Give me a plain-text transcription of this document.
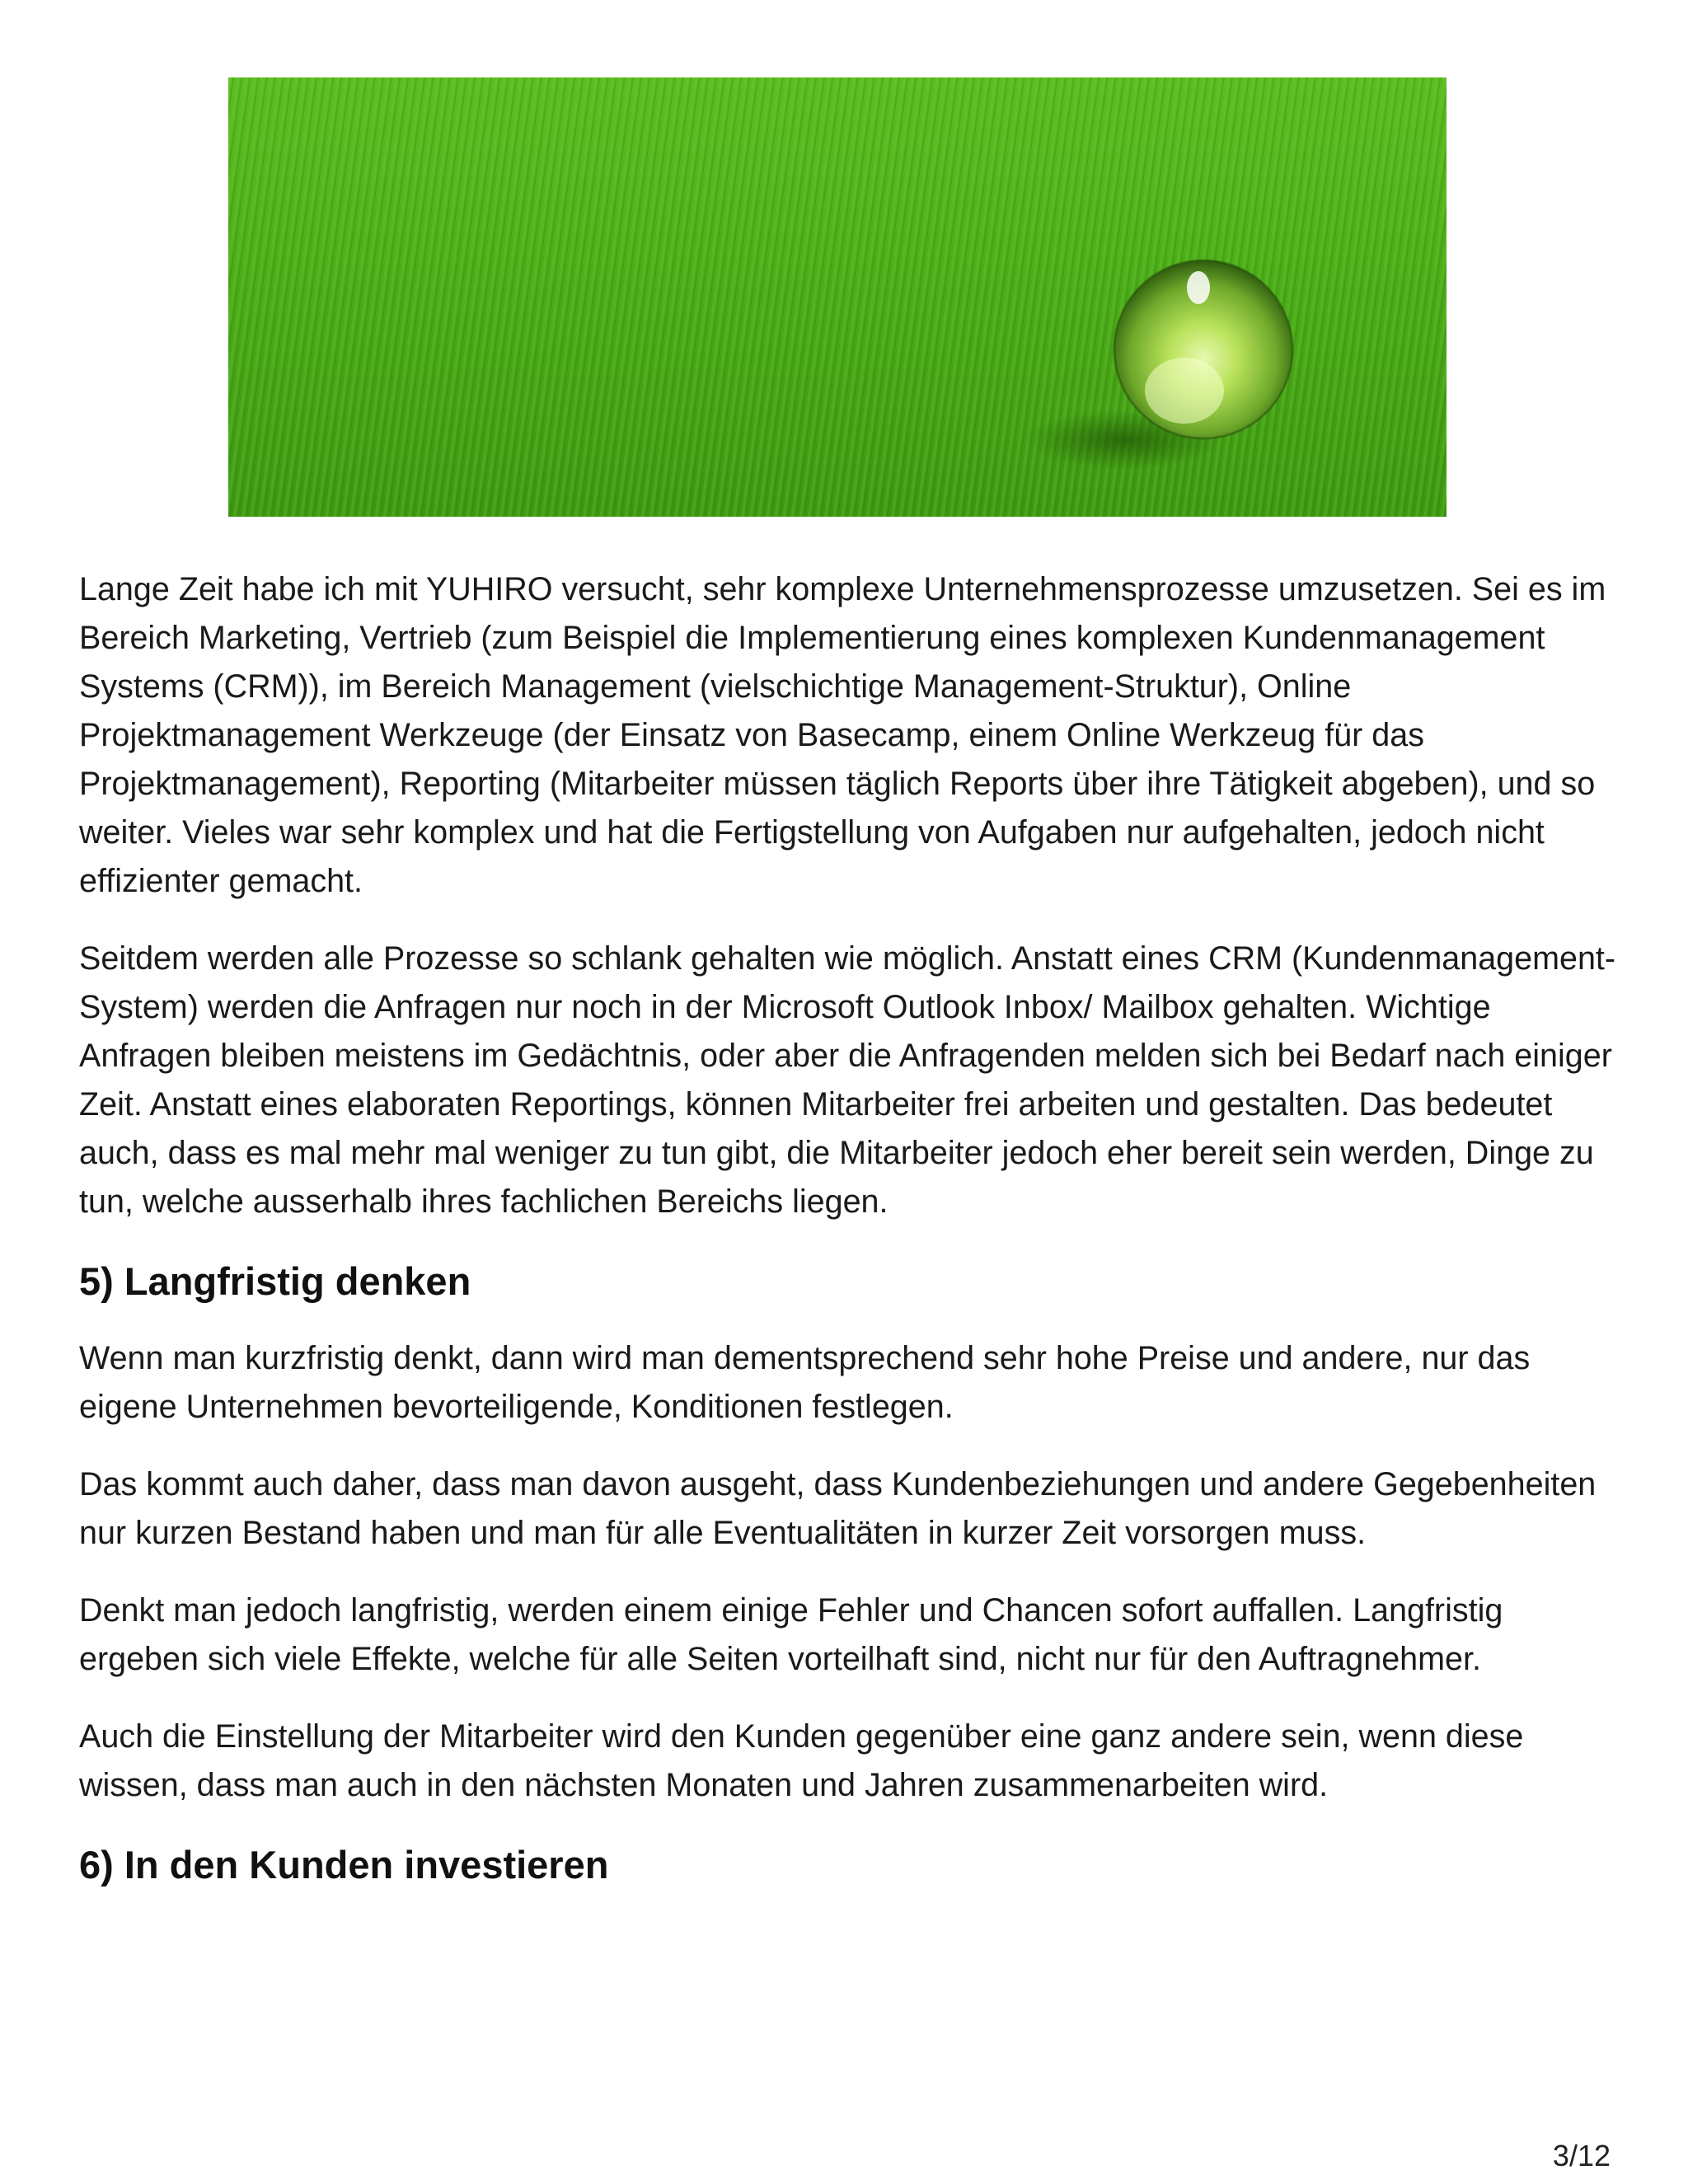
Lange Zeit habe ich mit YUHIRO versucht, sehr komplexe Unternehmensprozesse umzusetzen. Sei es im Bereich Marketing, Vertrieb (zum Beispiel die Implementierung eines komplexen Kundenmanagement Systems (CRM)), im Bereich Management (vielschichtige Management-Struktur), Online Projektmanagement Werkzeuge (der Einsatz von Basecamp, einem Online Werkzeug für das Projektmanagement), Reporting (Mitarbeiter müssen täglich Reports über ihre Tätigkeit abgeben), und so weiter. Vieles war sehr komplex und hat die Fertigstellung von Aufgaben nur aufgehalten, jedoch nicht effizienter gemacht.

Seitdem werden alle Prozesse so schlank gehalten wie möglich. Anstatt eines CRM (Kundenmanagement-System) werden die Anfragen nur noch in der Microsoft Outlook Inbox/ Mailbox gehalten. Wichtige Anfragen bleiben meistens im Gedächtnis, oder aber die Anfragenden melden sich bei Bedarf nach einiger Zeit. Anstatt eines elaboraten Reportings, können Mitarbeiter frei arbeiten und gestalten. Das bedeutet auch, dass es mal mehr mal weniger zu tun gibt, die Mitarbeiter jedoch eher bereit sein werden, Dinge zu tun, welche ausserhalb ihres fachlichen Bereichs liegen.

5) Langfristig denken

Wenn man kurzfristig denkt, dann wird man dementsprechend sehr hohe Preise und andere, nur das eigene Unternehmen bevorteiligende, Konditionen festlegen.

Das kommt auch daher, dass man davon ausgeht, dass Kundenbeziehungen und andere Gegebenheiten nur kurzen Bestand haben und man für alle Eventualitäten in kurzer Zeit vorsorgen muss.

Denkt man jedoch langfristig, werden einem einige Fehler und Chancen sofort auffallen. Langfristig ergeben sich viele Effekte, welche für alle Seiten vorteilhaft sind, nicht nur für den Auftragnehmer.

Auch die Einstellung der Mitarbeiter wird den Kunden gegenüber eine ganz andere sein, wenn diese wissen, dass man auch in den nächsten Monaten und Jahren zusammenarbeiten wird.

6) In den Kunden investieren
3/12
